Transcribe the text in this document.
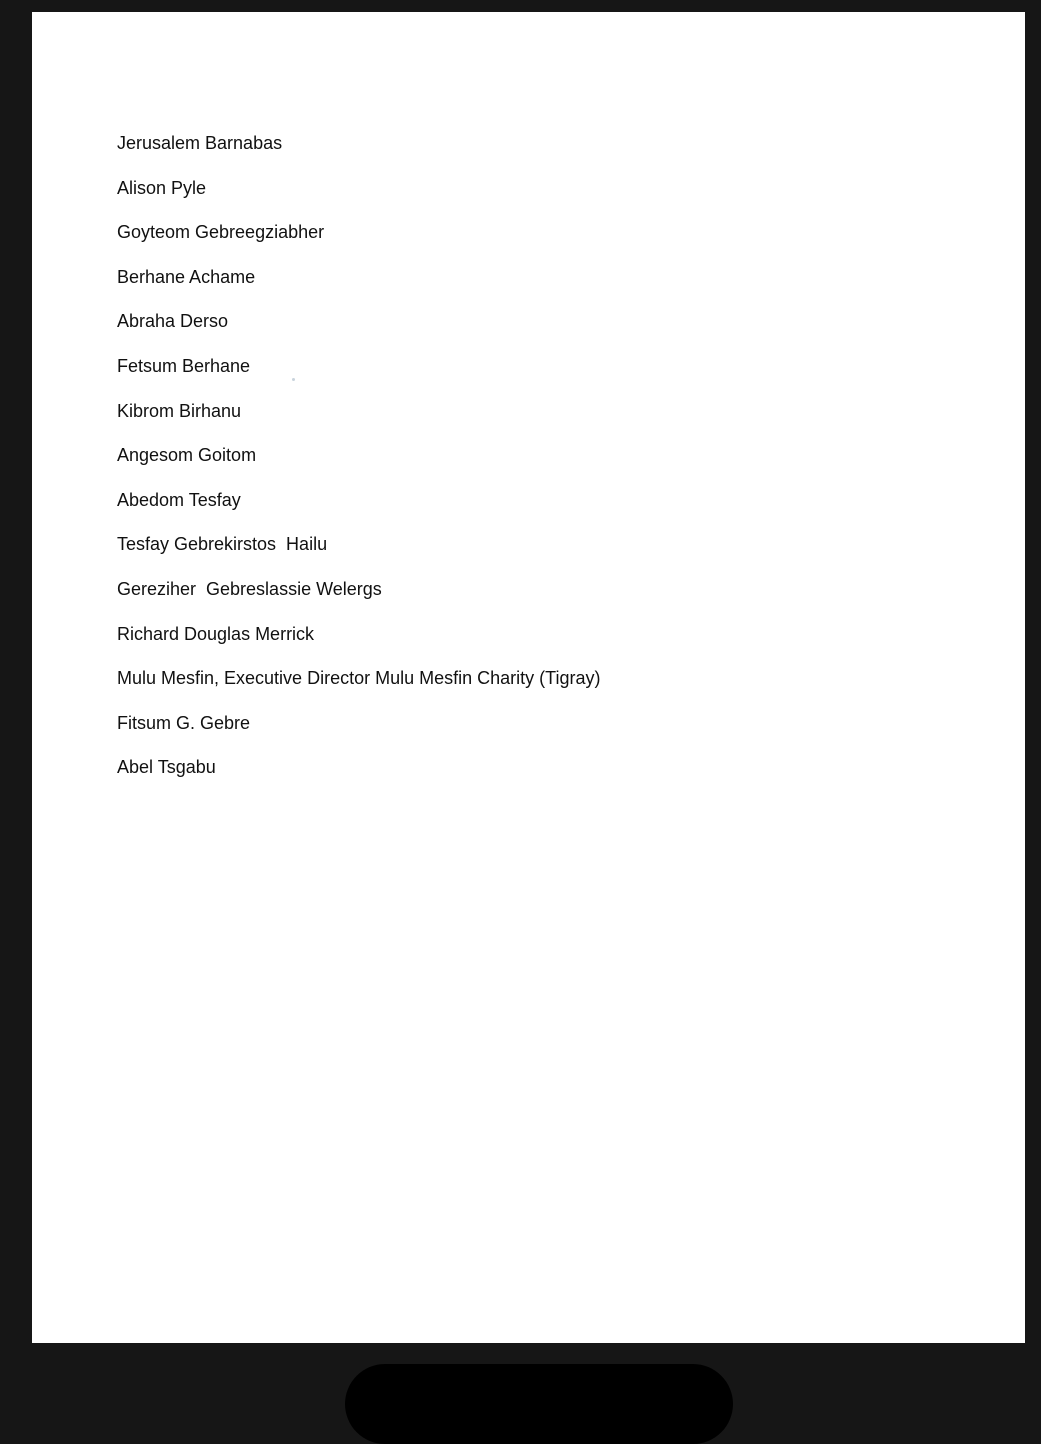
Jerusalem Barnabas
Alison Pyle
Goyteom Gebreegziabher
Berhane Achame
Abraha Derso
Fetsum Berhane
Kibrom Birhanu
Angesom Goitom
Abedom Tesfay
Tesfay Gebrekirstos  Hailu
Gereziher  Gebreslassie Welergs
Richard Douglas Merrick
Mulu Mesfin, Executive Director Mulu Mesfin Charity (Tigray)
Fitsum G. Gebre
Abel Tsgabu
